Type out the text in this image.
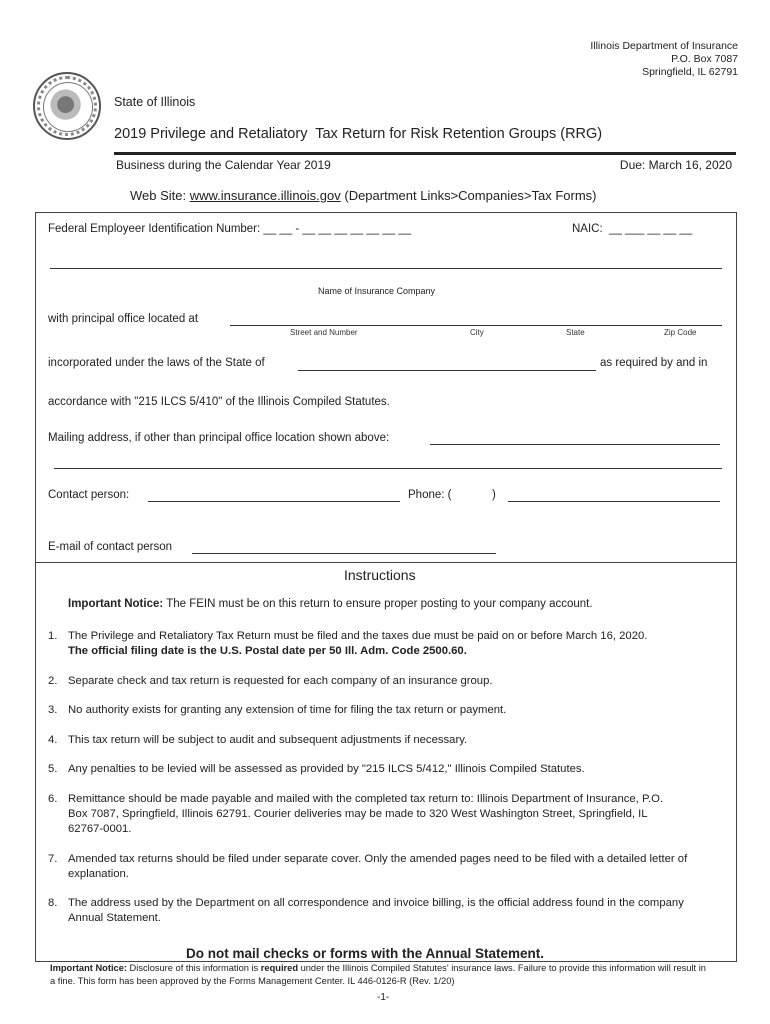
Illinois Department of Insurance
P.O. Box 7087
Springfield, IL 62791
State of Illinois
2019 Privilege and Retaliatory  Tax Return for Risk Retention Groups (RRG)
Business during the Calendar Year 2019	Due: March 16, 2020
Web Site: www.insurance.illinois.gov (Department Links>Companies>Tax Forms)
Federal Employeer Identification Number: __ __ - __ __ __ __ __ __ __	NAIC:  __ ___ __ __ __
Name of Insurance Company
with principal office located at
Street and Number	City	State	Zip Code
incorporated under the laws of the State of	as required by and in
accordance with "215 ILCS 5/410" of the Illinois Compiled Statutes.
Mailing address, if other than principal office location shown above:
Contact person:	Phone: (	)
E-mail of contact person
Instructions
Important Notice: The FEIN must be on this return to ensure proper posting to your company account.
1. The Privilege and Retaliatory Tax Return must be filed and the taxes due must be paid on or before March 16, 2020.
The official filing date is the U.S. Postal date per 50 Ill. Adm. Code 2500.60.
2. Separate check and tax return is requested for each company of an insurance group.
3. No authority exists for granting any extension of time for filing the tax return or payment.
4. This tax return will be subject to audit and subsequent adjustments if necessary.
5. Any penalties to be levied will be assessed as provided by "215 ILCS 5/412," Illinois Compiled Statutes.
6. Remittance should be made payable and mailed with the completed tax return to: Illinois Department of Insurance, P.O. Box 7087, Springfield, Illinois 62791. Courier deliveries may be made to 320 West Washington Street, Springfield, IL 62767-0001.
7. Amended tax returns should be filed under separate cover. Only the amended pages need to be filed with a detailed letter of explanation.
8. The address used by the Department on all correspondence and invoice billing, is the official address found in the company Annual Statement.
Do not mail checks or forms with the Annual Statement.
Important Notice: Disclosure of this information is required under the Illinois Compiled Statutes' insurance laws. Failure to provide this information will result in a fine. This form has been approved by the Forms Management Center. IL 446-0126-R (Rev. 1/20)
-1-
